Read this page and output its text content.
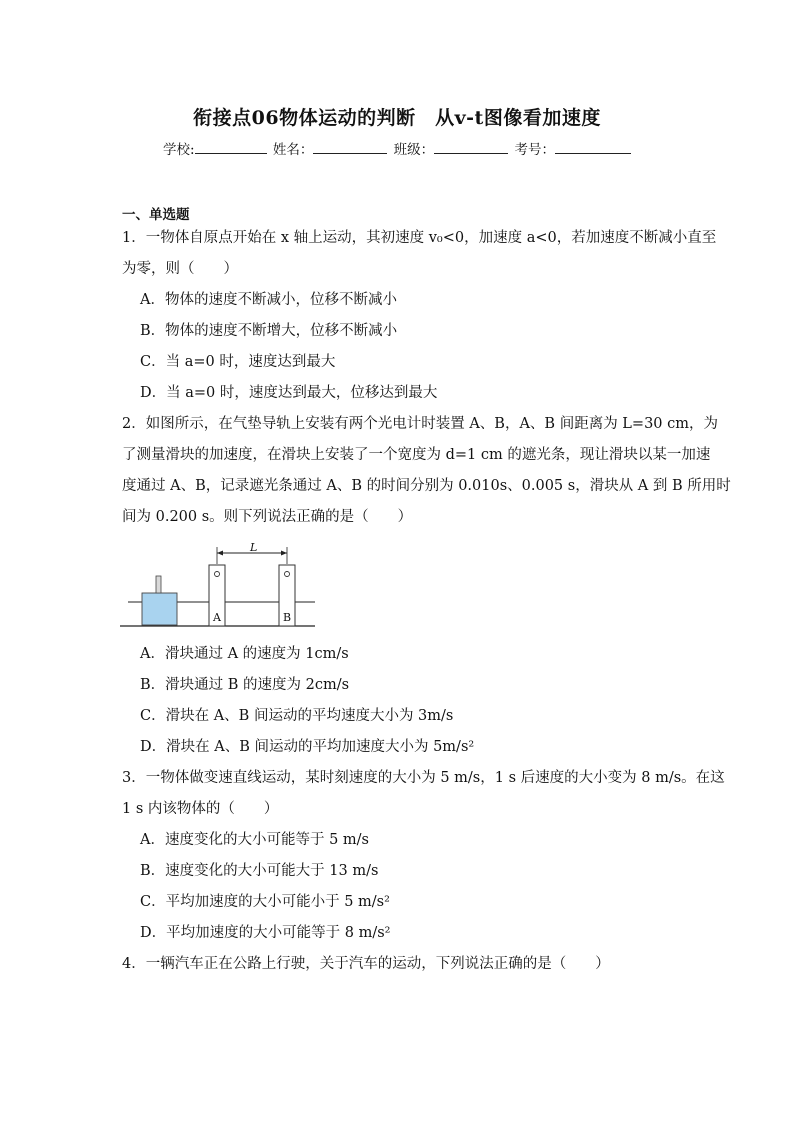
衔接点06物体运动的判断　从v-t图像看加速度
学校:	姓名：	班级：	考号：
一、单选题
1．一物体自原点开始在 x 轴上运动，其初速度 v₀<0，加速度 a<0，若加速度不断减小直至
为零，则（　　）
A．物体的速度不断减小，位移不断减小
B．物体的速度不断增大，位移不断减小
C．当 a=0 时，速度达到最大
D．当 a=0 时，速度达到最大，位移达到最大
2．如图所示，在气垫导轨上安装有两个光电计时装置 A、B，A、B 间距离为 L=30 cm，为
了测量滑块的加速度，在滑块上安装了一个宽度为 d=1 cm 的遮光条，现让滑块以某一加速
度通过 A、B，记录遮光条通过 A、B 的时间分别为 0.010s、0.005 s，滑块从 A 到 B 所用时
间为 0.200 s。则下列说法正确的是（　　）
L
A	B
A．滑块通过 A 的速度为 1cm/s
B．滑块通过 B 的速度为 2cm/s
C．滑块在 A、B 间运动的平均速度大小为 3m/s
D．滑块在 A、B 间运动的平均加速度大小为 5m/s²
3．一物体做变速直线运动，某时刻速度的大小为 5 m/s，1 s 后速度的大小变为 8 m/s。在这
1 s 内该物体的（　　）
A．速度变化的大小可能等于 5 m/s
B．速度变化的大小可能大于 13 m/s
C．平均加速度的大小可能小于 5 m/s²
D．平均加速度的大小可能等于 8 m/s²
4．一辆汽车正在公路上行驶，关于汽车的运动，下列说法正确的是（　　）
